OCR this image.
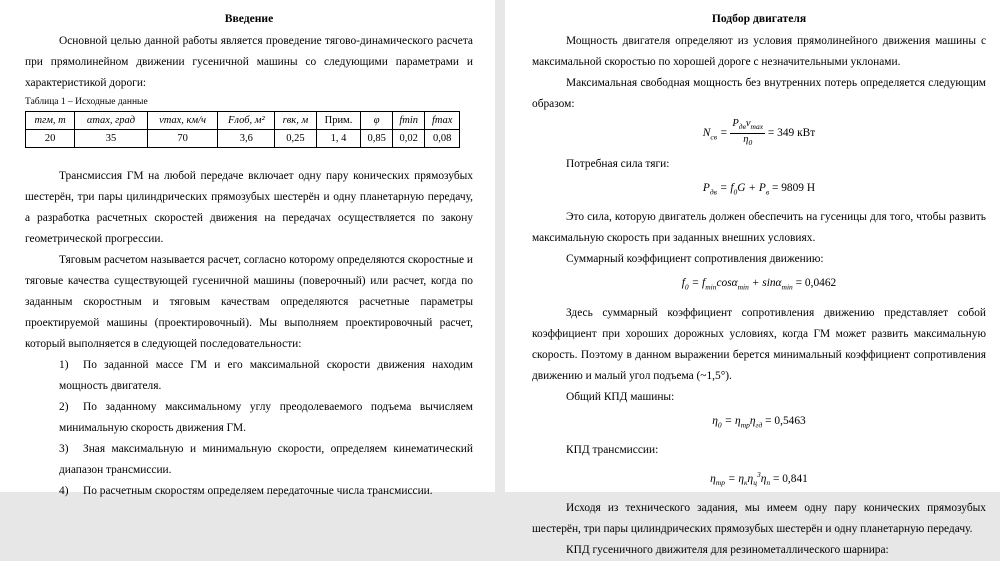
Введение

Основной целью данной работы является проведение тягово-динамического расчета при прямолинейном движении гусеничной машины со следующими параметрами и характеристикой дороги:

Таблица 1 – Исходные данные

mгм, т	αmax, град	vmax, км/ч	Fлоб, м²	rвк, м	Прим.	φ	fmin	fmax
20	35	70	3,6	0,25	1, 4	0,85	0,02	0,08

Трансмиссия ГМ на любой передаче включает одну пару конических прямозубых шестерён, три пары цилиндрических прямозубых шестерён и одну планетарную передачу, а разработка расчетных скоростей движения на передачах осуществляется по закону геометрической прогрессии.

Тяговым расчетом называется расчет, согласно которому определяются скоростные и тяговые качества существующей гусеничной машины (поверочный) или расчет, когда по заданным скоростным и тяговым качествам определяются расчетные параметры проектируемой машины (проектировочный). Мы выполняем проектировочный расчет, который выполняется в следующей последовательности:

1) По заданной массе ГМ и его максимальной скорости движения находим мощность двигателя.
2) По заданному максимальному углу преодолеваемого подъема вычисляем минимальную скорость движения ГМ.
3) Зная максимальную и минимальную скорости, определяем кинематический диапазон трансмиссии.
4) По расчетным скоростям определяем передаточные числа трансмиссии.
Подбор двигателя

Мощность двигателя определяют из условия прямолинейного движения машины с максимальной скоростью по хорошей дороге с незначительными уклонами.

Максимальная свободная мощность без внутренних потерь определяется следующим образом:

$N_{св} = \frac{P_{дв}v_{max}}{\eta_0} = 349$ кВт

Потребная сила тяги:

$P_{дв} = f_0G + P_в = 9809$ Н

Это сила, которую двигатель должен обеспечить на гусеницы для того, чтобы развить максимальную скорость при заданных внешних условиях.

Суммарный коэффициент сопротивления движению:

$f_0 = f_{min}\cos\alpha_{min} + \sin\alpha_{min} = 0,0462$

Здесь суммарный коэффициент сопротивления движению представляет собой коэффициент при хороших дорожных условиях, когда ГМ может развить максимальную скорость. Поэтому в данном выражении берется минимальный коэффициент сопротивления движению и малый угол подъема (~1,5°).

Общий КПД машины:

$\eta_0 = \eta_{тр}\eta_{гд} = 0,5463$

КПД трансмиссии:

$\eta_{тр} = \eta_к\eta_ц^3\eta_п = 0,841$

Исходя из технического задания, мы имеем одну пару конических прямозубых шестерён, три пары цилиндрических прямозубых шестерён и одну планетарную передачу.

КПД гусеничного движителя для резинометаллического шарнира:
